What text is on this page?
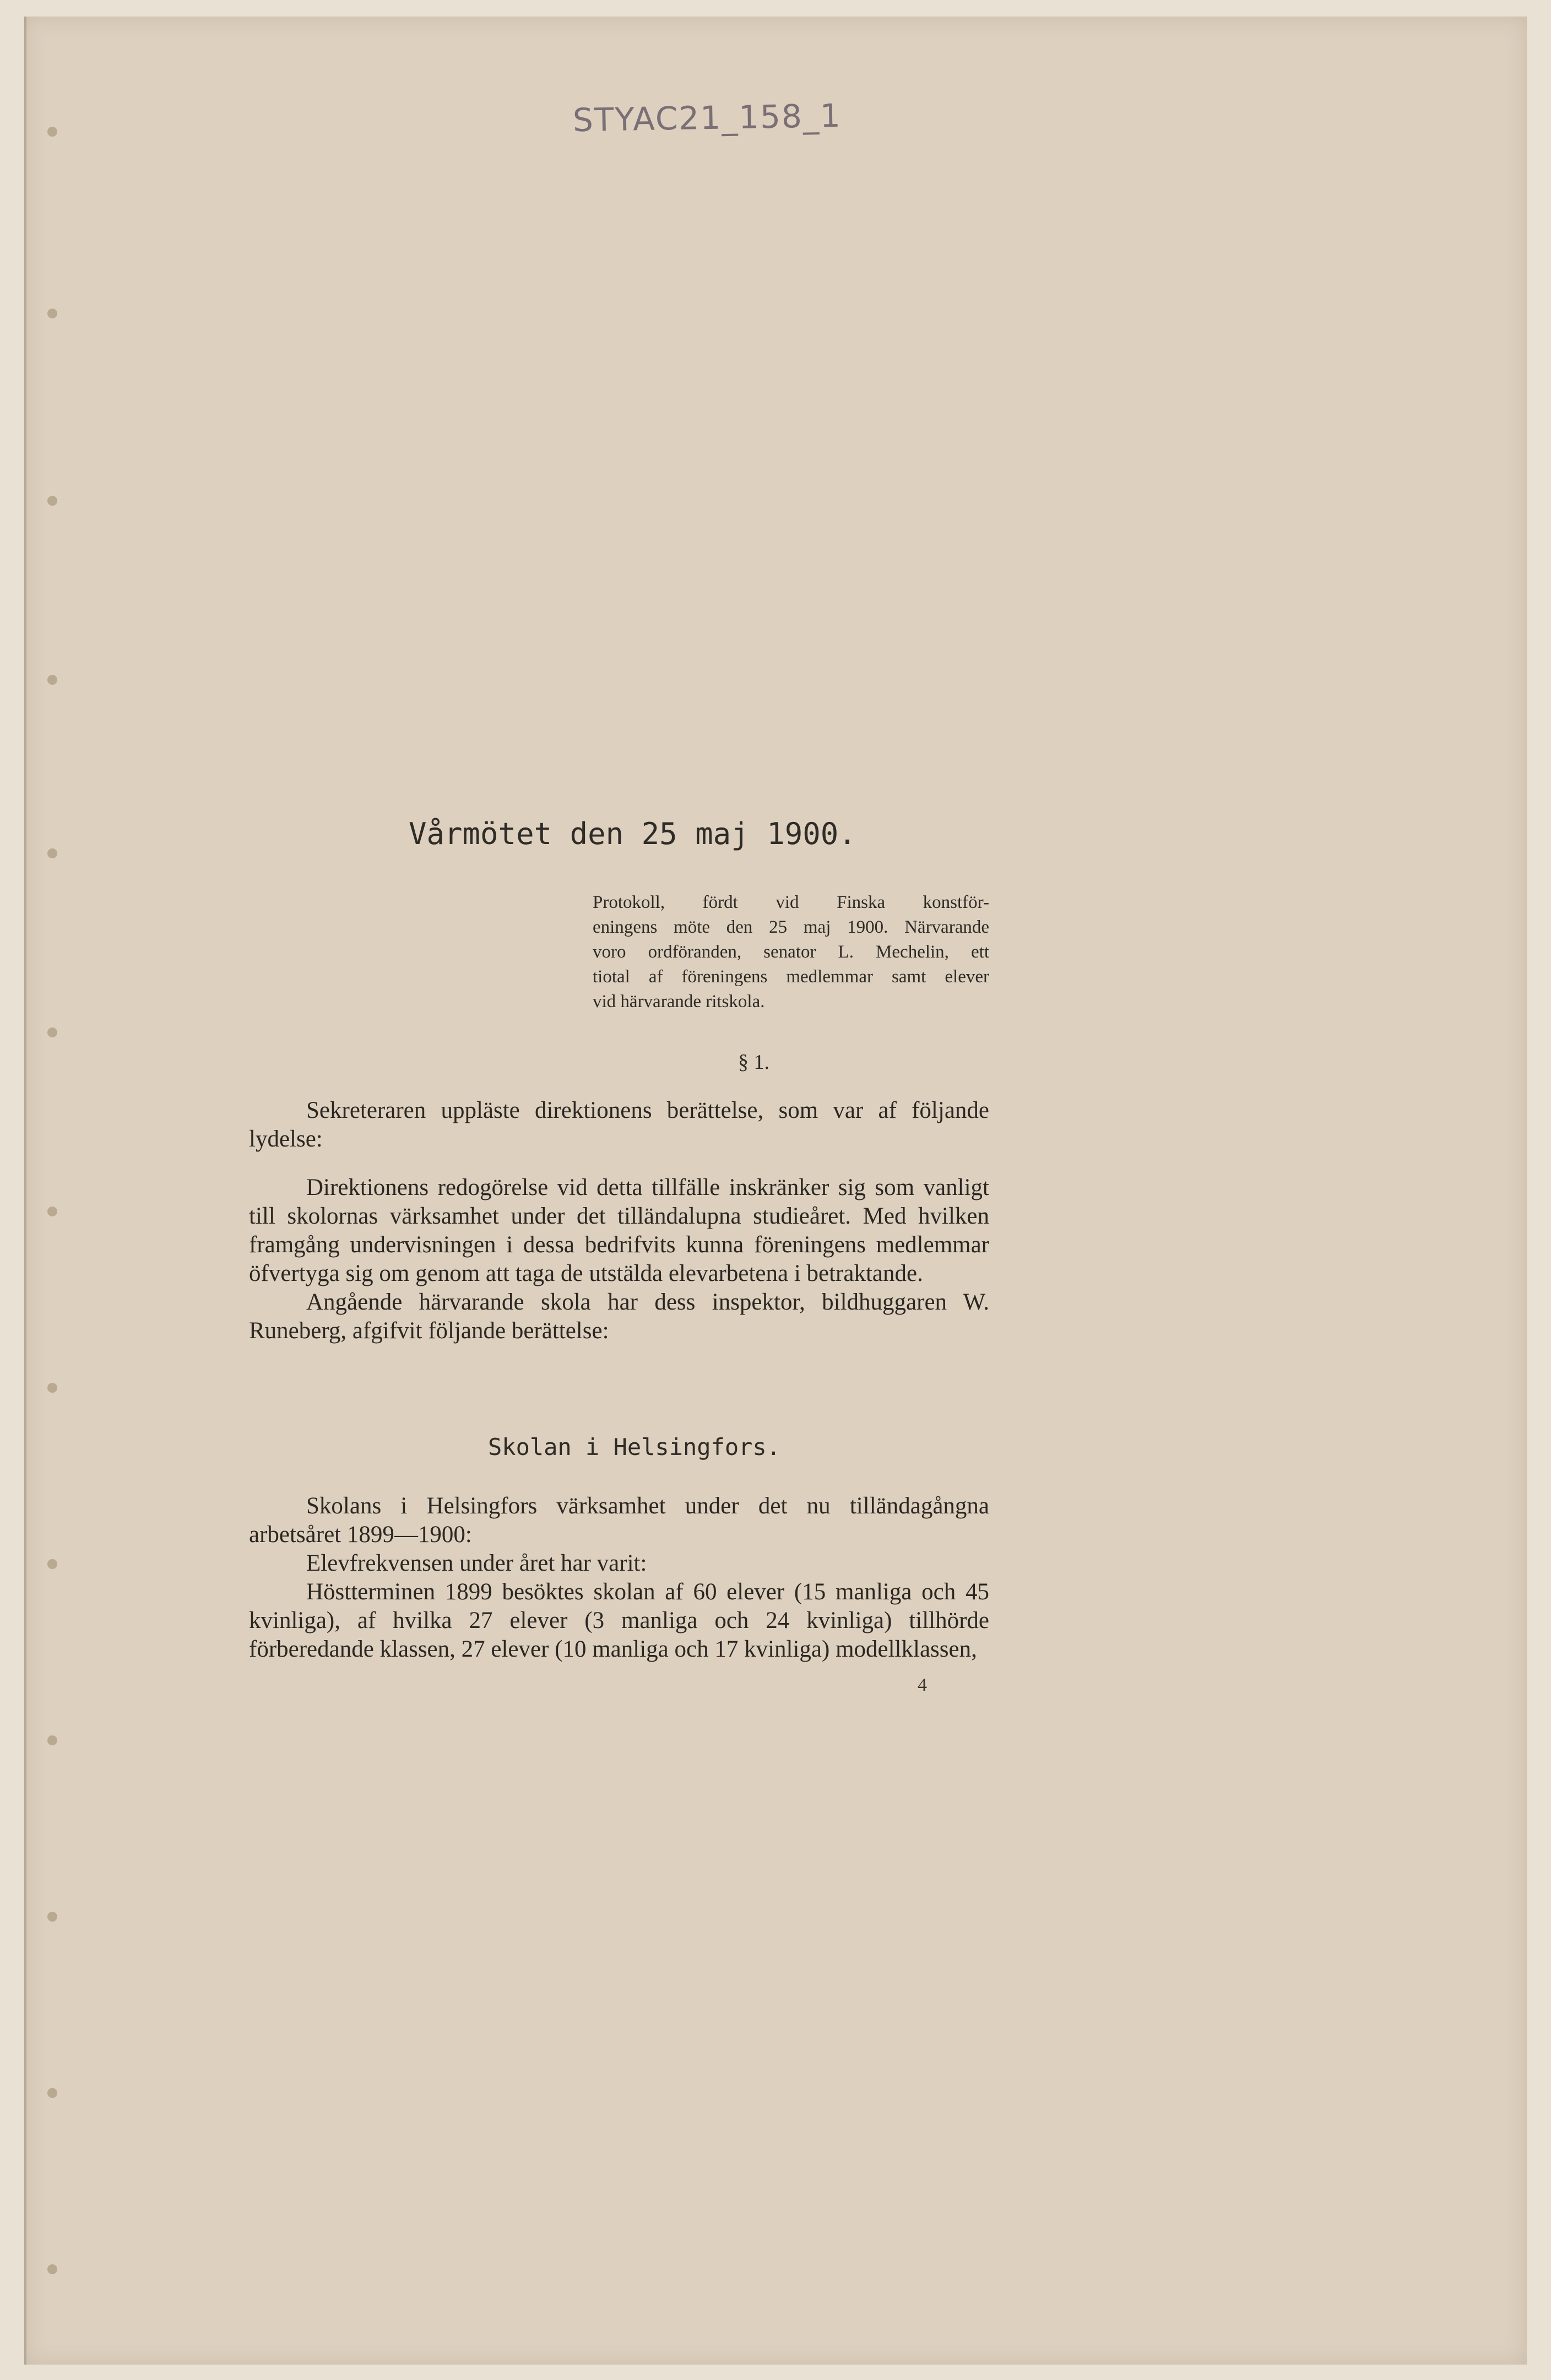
STYAC21_158_1
Vårmötet den 25 maj 1900.
Protokoll, fördt vid Finska konstför-
eningens möte den 25 maj 1900. Närvarande
voro ordföranden, senator L. Mechelin, ett
tiotal af föreningens medlemmar samt elever
vid härvarande ritskola.
§ 1.

Sekreteraren uppläste direktionens berättelse, som var af följande lydelse:

Direktionens redogörelse vid detta tillfälle inskränker sig som vanligt till skolornas värksamhet under det tilländalupna studieåret. Med hvilken framgång undervisningen i dessa bedrifvits kunna föreningens medlemmar öfvertyga sig om genom att taga de utstälda elevarbetena i betraktande.

Angående härvarande skola har dess inspektor, bildhuggaren W. Runeberg, afgifvit följande berättelse:

Skolan i Helsingfors.

Skolans i Helsingfors värksamhet under det nu tilländagångna arbetsåret 1899—1900:

Elevfrekvensen under året har varit:

Höstterminen 1899 besöktes skolan af 60 elever (15 manliga och 45 kvinliga), af hvilka 27 elever (3 manliga och 24 kvinliga) tillhörde förberedande klassen, 27 elever (10 manliga och 17 kvinliga) modellklassen,

4
